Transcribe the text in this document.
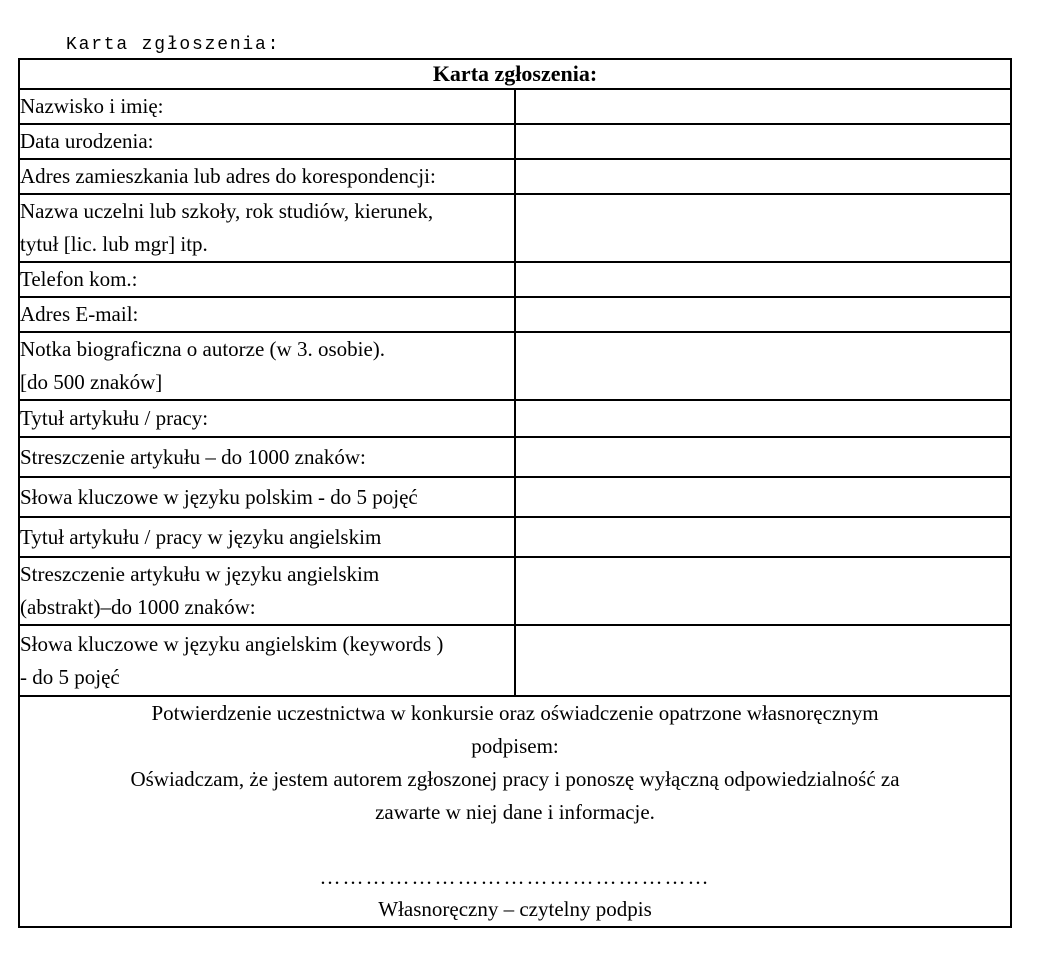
Karta zgłoszenia:

Karta zgłoszenia:	

Nazwisko i imię:	

Data urodzenia:	

Adres zamieszkania lub adres do korespondencji:	

Nazwa uczelni lub szkoły, rok studiów, kierunek,
tytuł [lic. lub mgr] itp.	

Telefon kom.:	

Adres E-mail:	

Notka biograficzna o autorze (w 3. osobie).
[do 500 znaków]	

Tytuł artykułu / pracy:	

Streszczenie artykułu – do 1000 znaków:	

Słowa kluczowe w języku polskim - do 5 pojęć	

Tytuł artykułu / pracy w języku angielskim	

Streszczenie artykułu w języku angielskim
(abstrakt)–do 1000 znaków:	

Słowa kluczowe w języku angielskim (keywords )
- do 5 pojęć	

Potwierdzenie uczestnictwa w konkursie oraz oświadczenie opatrzone własnoręcznym
podpisem:
Oświadczam, że jestem autorem zgłoszonej pracy i ponoszę wyłączną odpowiedzialność za
zawarte w niej dane i informacje.
……………………………………………
Własnoręczny – czytelny podpis
